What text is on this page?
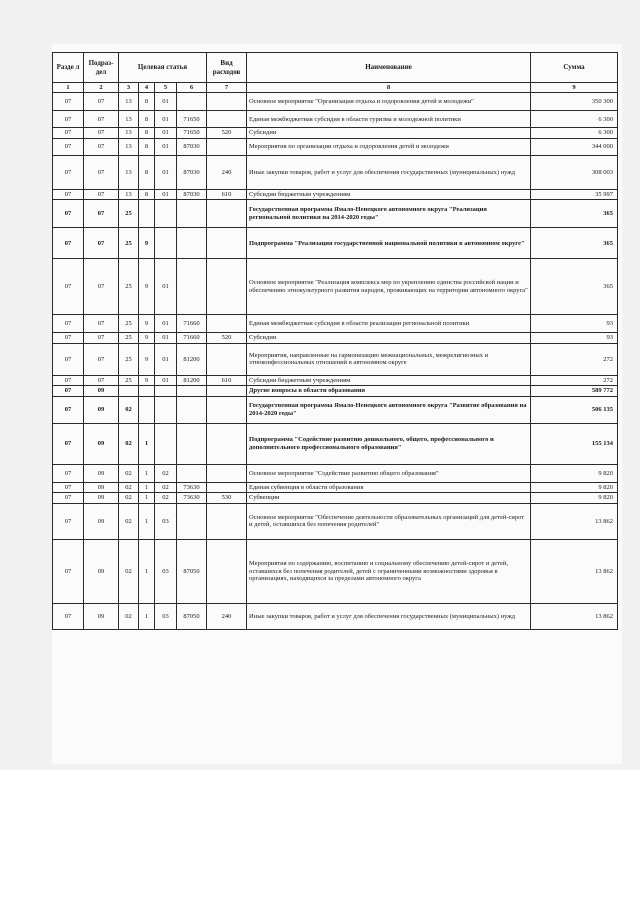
Разде л	Подраз- дел	Целевая статья				Вид расходов	Наименование	Сумма
1	2	3	4	5	6	7	8	9
07	07	13	8	01			Основное мероприятие "Организация отдыха и оздоровления детей и молодежи"	350 300
07	07	13	8	01	71650		Единая межбюджетная субсидия в области туризма и молодежной политики	6 300
07	07	13	8	01	71650	520	Субсидии	6 300
07	07	13	8	01	87030		Мероприятия по организации отдыха и оздоровления детей и молодежи	344 000
07	07	13	8	01	87030	240	Иные закупки товаров, работ и услуг для обеспечения государственных (муниципальных) нужд	308 003
07	07	13	8	01	87030	610	Субсидии бюджетным учреждениям	35 997
07	07	25					Государственная программа Ямало-Ненецкого автономного округа "Реализация региональной политики на 2014-2020 годы"	365
07	07	25	9				Подпрограмма "Реализация государственной национальной политики в автономном округе"	365
07	07	25	9	01			Основное мероприятие "Реализация комплекса мер по укреплению единства российской нации и обеспечению этнокультурного развития народов, проживающих на территории автономного округа"	365
07	07	25	9	01	71660		Единая межбюджетная субсидия в области реализации региональной политики	93
07	07	25	9	01	71660	520	Субсидии	93
07	07	25	9	01	81200		Мероприятия, направленные на гармонизацию межнациональных, межрелигиозных и этноконфессиональных отношений в автономном округе	272
07	07	25	9	01	81200	610	Субсидии бюджетным учреждениям	272
07	09						Другие вопросы в области образования	589 772
07	09	02					Государственная программа Ямало-Ненецкого автономного округа "Развитие образования на 2014-2020 годы"	506 135
07	09	02	1				Подпрограмма "Содействие развитию дошкольного, общего, профессионального и дополнительного профессионального образования"	155 134
07	09	02	1	02			Основное мероприятие "Содействие развитию общего образования"	9 820
07	09	02	1	02	73630		Единая субвенция в области образования	9 820
07	09	02	1	02	73630	530	Субвенции	9 820
07	09	02	1	03			Основное мероприятие "Обеспечение деятельности образовательных организаций для детей-сирот и детей, оставшихся без попечения родителей"	13 862
07	09	02	1	03	87050		Мероприятия по содержанию, воспитанию и социальному обеспечению детей-сирот и детей, оставшихся без попечения родителей, детей с ограниченными возможностями здоровья в организациях, находящихся за пределами автономного округа	13 862
07	09	02	1	03	87050	240	Иные закупки товаров, работ и услуг для обеспечения государственных (муниципальных) нужд	13 862
